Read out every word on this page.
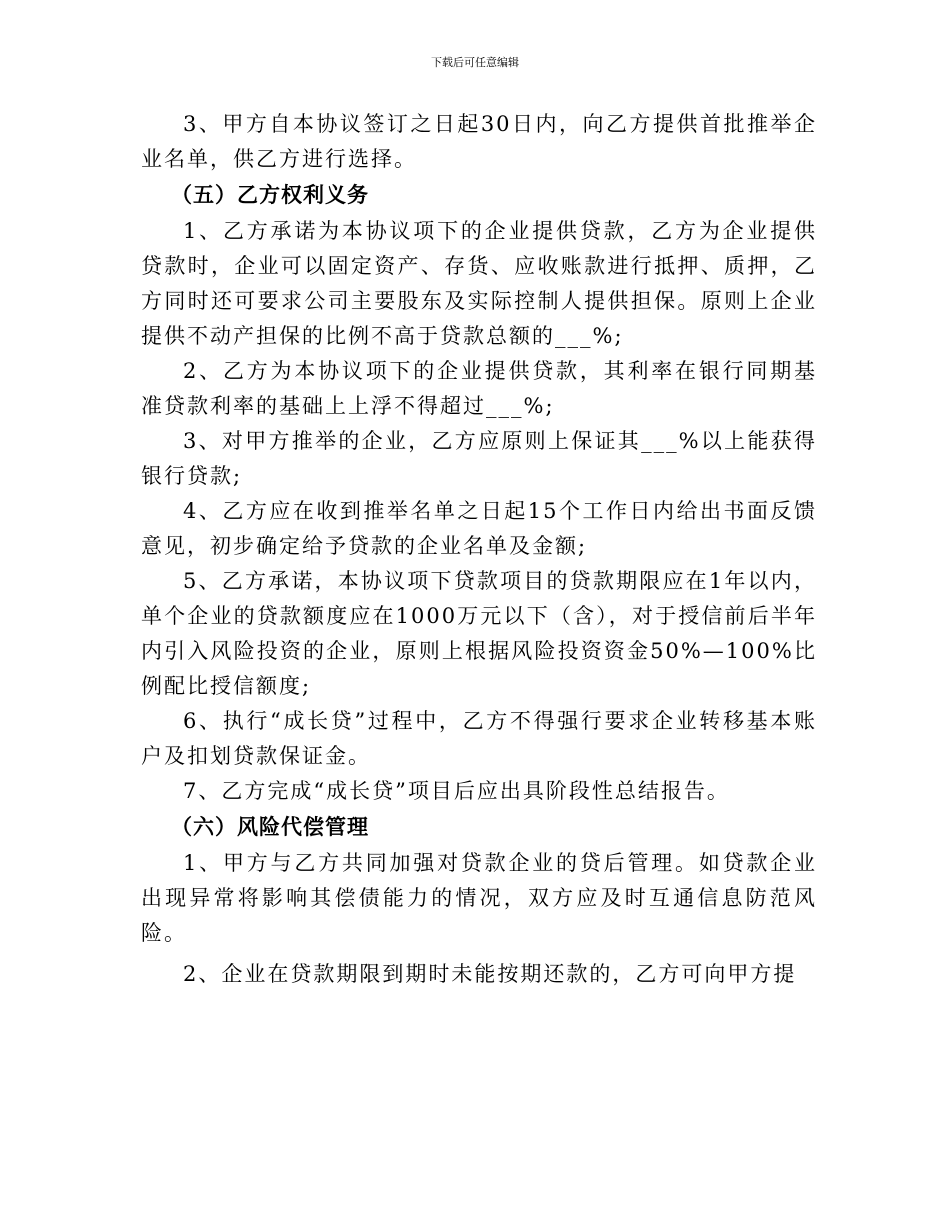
下载后可任意编辑

3、甲方自本协议签订之日起30日内，向乙方提供首批推举企业名单，供乙方进行选择。

（五）乙方权利义务

1、乙方承诺为本协议项下的企业提供贷款，乙方为企业提供贷款时，企业可以固定资产、存货、应收账款进行抵押、质押，乙方同时还可要求公司主要股东及实际控制人提供担保。原则上企业提供不动产担保的比例不高于贷款总额的___%;

2、乙方为本协议项下的企业提供贷款，其利率在银行同期基准贷款利率的基础上上浮不得超过___%;

3、对甲方推举的企业，乙方应原则上保证其___%以上能获得银行贷款;

4、乙方应在收到推举名单之日起15个工作日内给出书面反馈意见，初步确定给予贷款的企业名单及金额;

5、乙方承诺，本协议项下贷款项目的贷款期限应在1年以内，单个企业的贷款额度应在1000万元以下（含），对于授信前后半年内引入风险投资的企业，原则上根据风险投资资金50%—100%比例配比授信额度;

6、执行“成长贷”过程中，乙方不得强行要求企业转移基本账户及扣划贷款保证金。

7、乙方完成“成长贷”项目后应出具阶段性总结报告。

（六）风险代偿管理

1、甲方与乙方共同加强对贷款企业的贷后管理。如贷款企业出现异常将影响其偿债能力的情况，双方应及时互通信息防范风险。

2、企业在贷款期限到期时未能按期还款的，乙方可向甲方提
